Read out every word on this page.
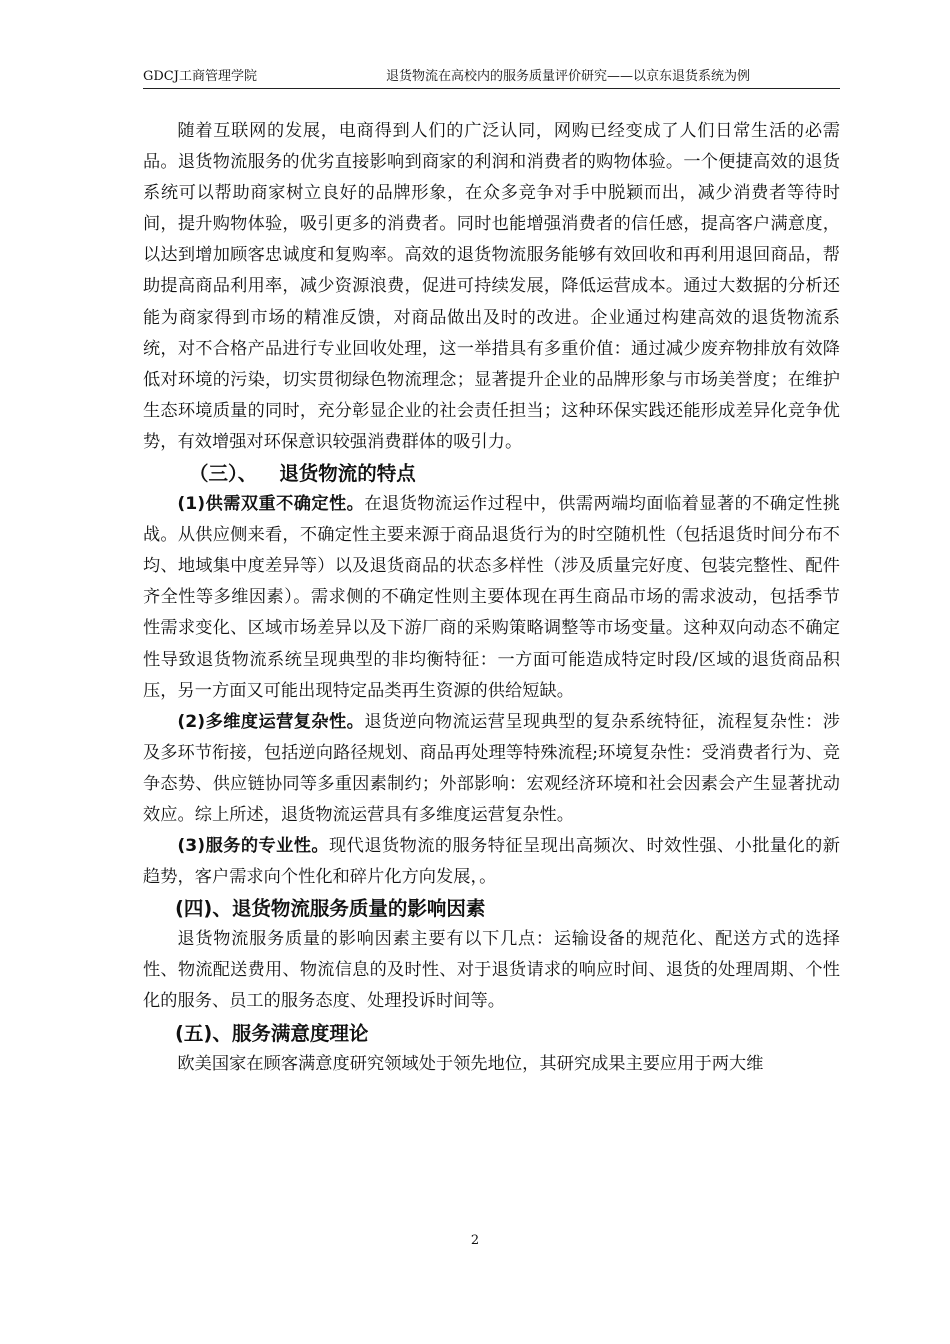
GDCJ工商管理学院	退货物流在高校内的服务质量评价研究——以京东退货系统为例

随着互联网的发展，电商得到人们的广泛认同，网购已经变成了人们日常生活的必需品。退货物流服务的优劣直接影响到商家的利润和消费者的购物体验。一个便捷高效的退货系统可以帮助商家树立良好的品牌形象，在众多竞争对手中脱颖而出，减少消费者等待时间，提升购物体验，吸引更多的消费者。同时也能增强消费者的信任感，提高客户满意度，以达到增加顾客忠诚度和复购率。高效的退货物流服务能够有效回收和再利用退回商品，帮助提高商品利用率，减少资源浪费，促进可持续发展，降低运营成本。通过大数据的分析还能为商家得到市场的精准反馈，对商品做出及时的改进。企业通过构建高效的退货物流系统，对不合格产品进行专业回收处理，这一举措具有多重价值：通过减少废弃物排放有效降低对环境的污染，切实贯彻绿色物流理念；显著提升企业的品牌形象与市场美誉度；在维护生态环境质量的同时，充分彰显企业的社会责任担当；这种环保实践还能形成差异化竞争优势，有效增强对环保意识较强消费群体的吸引力。

（三）、 退货物流的特点

(1)供需双重不确定性。在退货物流运作过程中，供需两端均面临着显著的不确定性挑战。从供应侧来看，不确定性主要来源于商品退货行为的时空随机性（包括退货时间分布不均、地域集中度差异等）以及退货商品的状态多样性（涉及质量完好度、包装完整性、配件齐全性等多维因素）。需求侧的不确定性则主要体现在再生商品市场的需求波动，包括季节性需求变化、区域市场差异以及下游厂商的采购策略调整等市场变量。这种双向动态不确定性导致退货物流系统呈现典型的非均衡特征：一方面可能造成特定时段/区域的退货商品积压，另一方面又可能出现特定品类再生资源的供给短缺。

(2)多维度运营复杂性。退货逆向物流运营呈现典型的复杂系统特征，流程复杂性：涉及多环节衔接，包括逆向路径规划、商品再处理等特殊流程;环境复杂性：受消费者行为、竞争态势、供应链协同等多重因素制约；外部影响：宏观经济环境和社会因素会产生显著扰动效应。综上所述，退货物流运营具有多维度运营复杂性。

(3)服务的专业性。现代退货物流的服务特征呈现出高频次、时效性强、小批量化的新趋势，客户需求向个性化和碎片化方向发展，。

(四)、退货物流服务质量的影响因素

退货物流服务质量的影响因素主要有以下几点：运输设备的规范化、配送方式的选择性、物流配送费用、物流信息的及时性、对于退货请求的响应时间、退货的处理周期、个性化的服务、员工的服务态度、处理投诉时间等。

(五)、服务满意度理论

欧美国家在顾客满意度研究领域处于领先地位，其研究成果主要应用于两大维

2
